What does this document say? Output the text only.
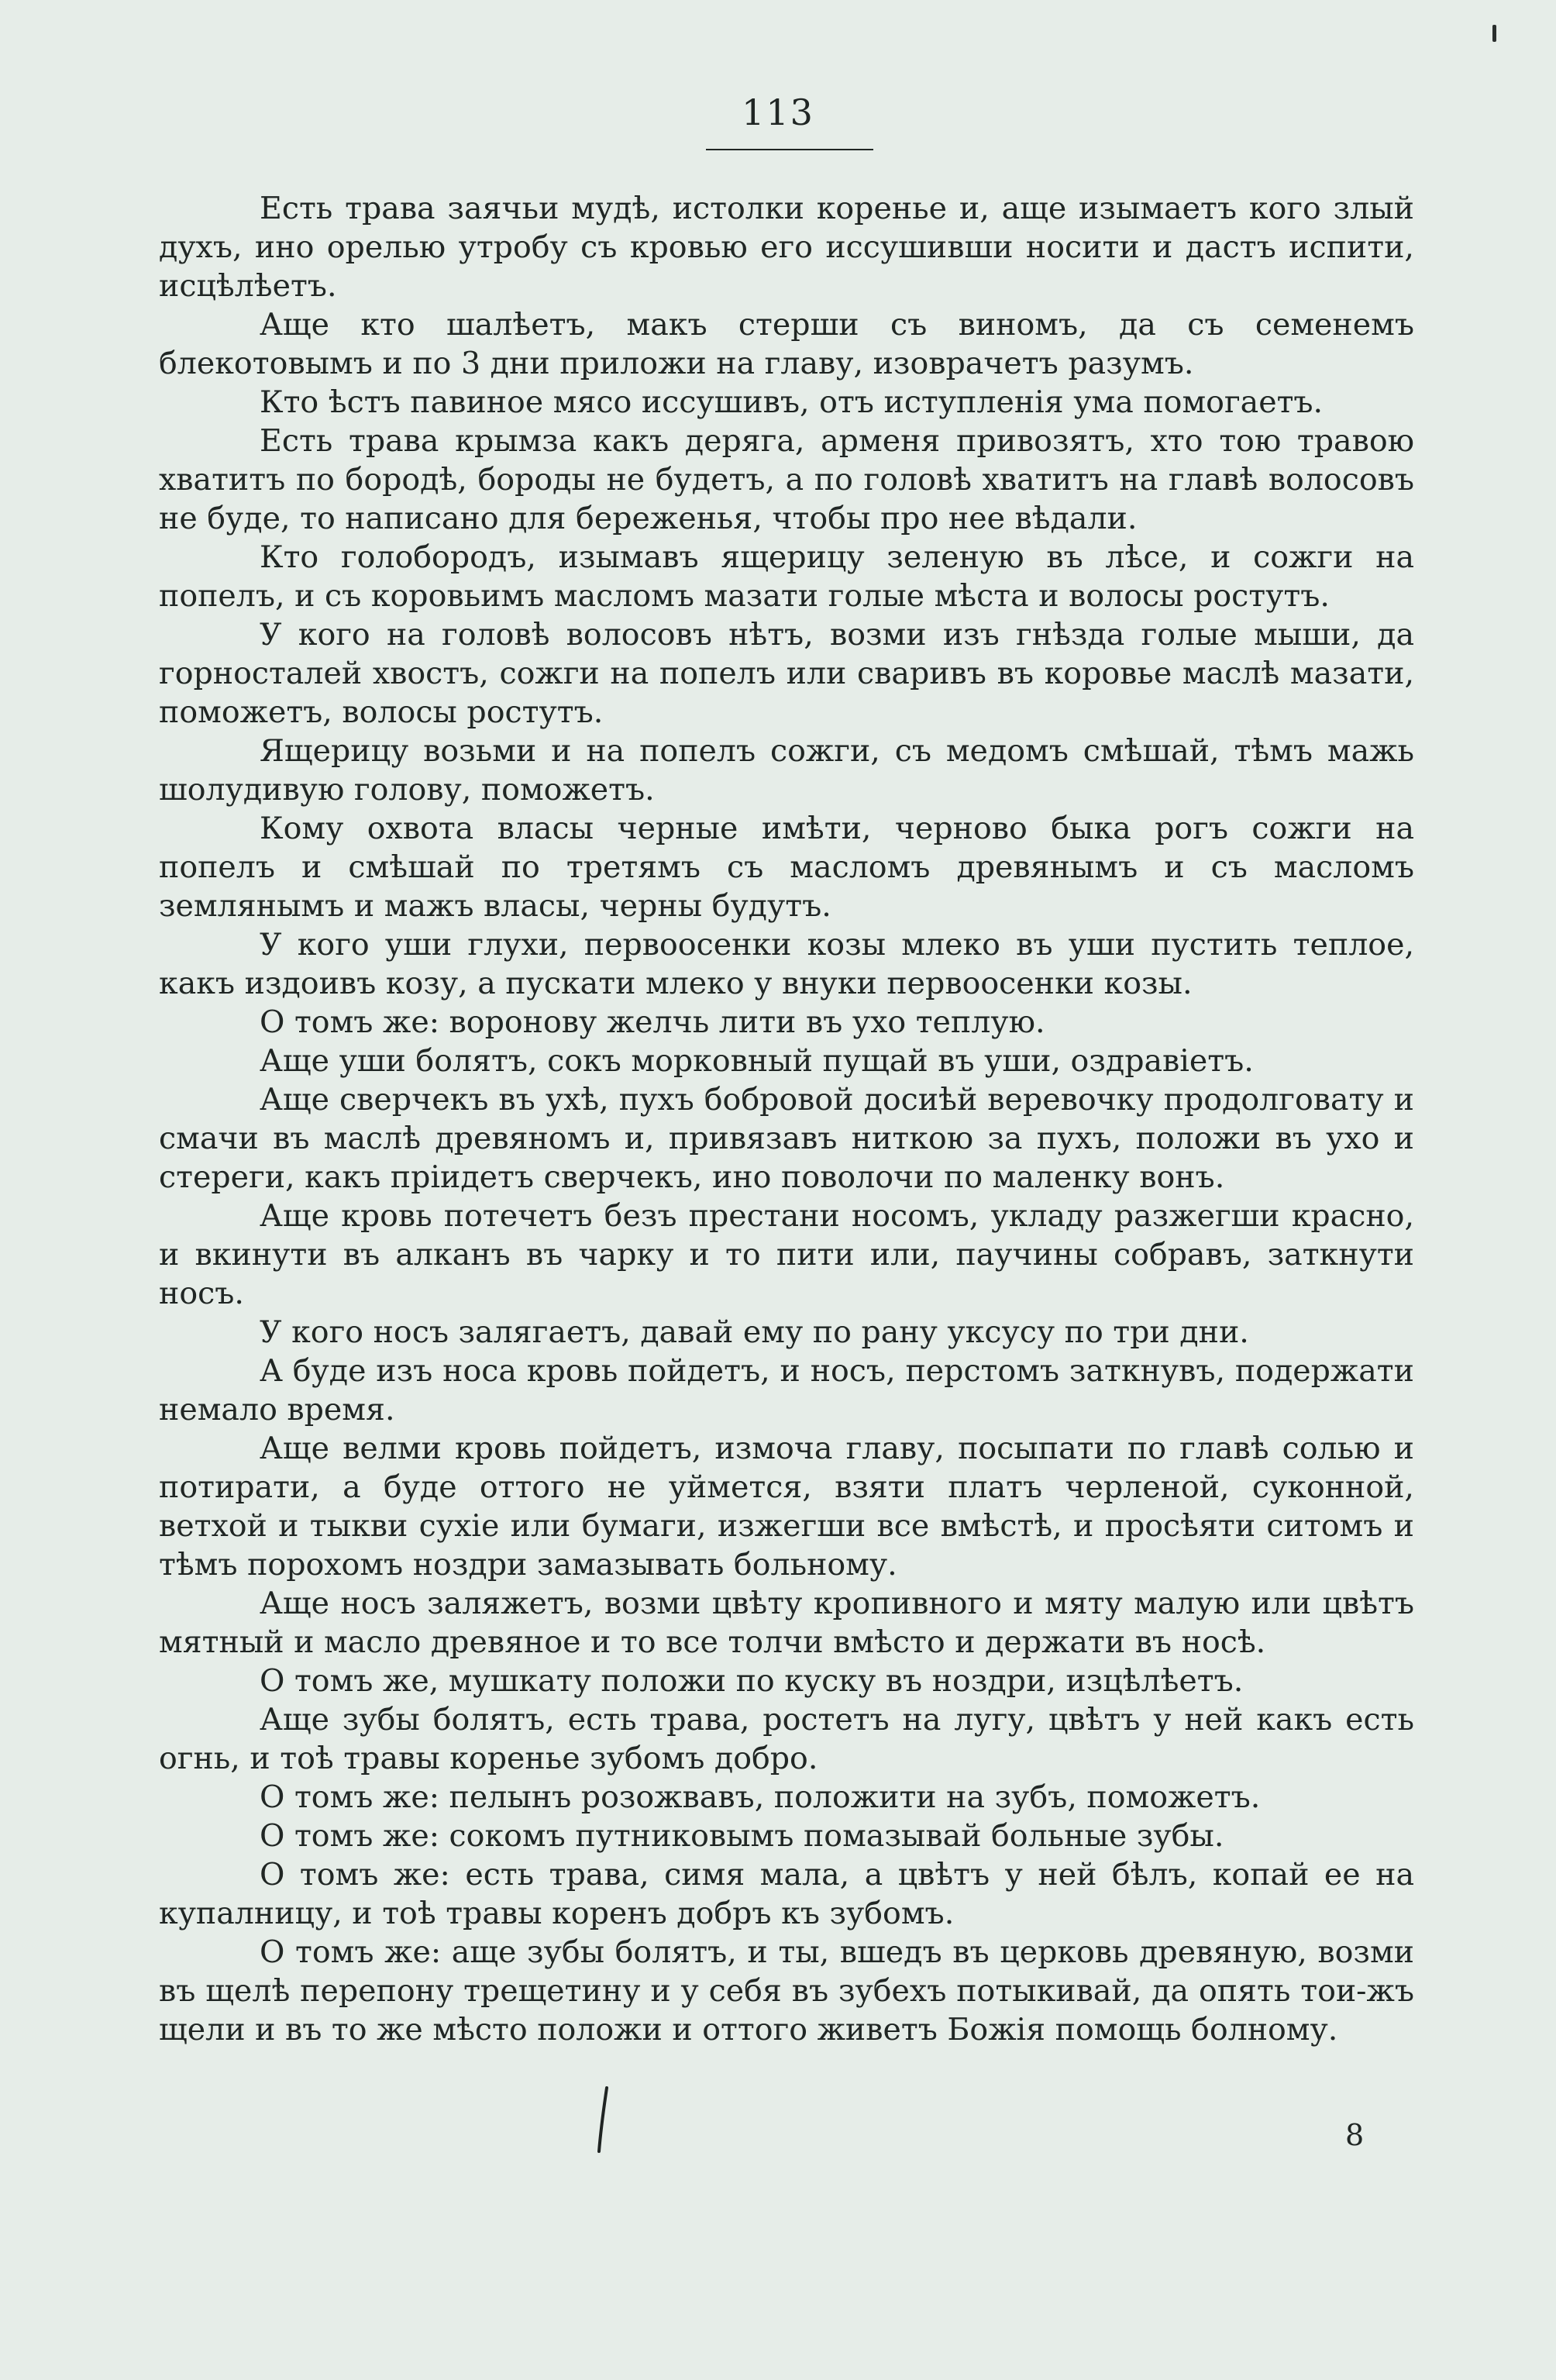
113

Есть трава заячьи мудѣ, истолки коренье и, аще изымаетъ кого злый духъ, ино орелью утробу съ кровью его иссушивши носити и дастъ испити, исцѣлѣетъ.

Аще кто шалѣетъ, макъ стерши съ виномъ, да съ семенемъ блекотовымъ и по 3 дни приложи на главу, изоврачетъ разумъ.

Кто ѣстъ павиное мясо иссушивъ, отъ иступленія ума помогаетъ.

Есть трава крымза какъ деряга, арменя привозятъ, хто тою травою хватитъ по бородѣ, бороды не будетъ, а по головѣ хватитъ на главѣ волосовъ не буде, то написано для береженья, чтобы про нее вѣдали.

Кто голобородъ, изымавъ ящерицу зеленую въ лѣсе, и сожги на попелъ, и съ коровьимъ масломъ мазати голые мѣста и волосы ростутъ.

У кого на головѣ волосовъ нѣтъ, возми изъ гнѣзда голые мыши, да горносталей хвостъ, сожги на попелъ или сваривъ въ коровье маслѣ мазати, поможетъ, волосы ростутъ.

Ящерицу возьми и на попелъ сожги, съ медомъ смѣшай, тѣмъ мажь шолудивую голову, поможетъ.

Кому охвота власы черные имѣти, черново быка рогъ сожги на попелъ и смѣшай по третямъ съ масломъ древянымъ и съ масломъ землянымъ и мажъ власы, черны будутъ.

У кого уши глухи, первоосенки козы млеко въ уши пустить теплое, какъ издоивъ козу, а пускати млеко у внуки первоосенки козы.

О томъ же: воронову желчь лити въ ухо теплую.

Аще уши болятъ, сокъ морковный пущай въ уши, оздравіетъ.

Аще сверчекъ въ ухѣ, пухъ бобровой досиѣй веревочку продолговату и смачи въ маслѣ древяномъ и, привязавъ ниткою за пухъ, положи въ ухо и стереги, какъ пріидетъ сверчекъ, ино поволочи по маленку вонъ.

Аще кровь потечетъ безъ престани носомъ, укладу разжегши красно, и вкинути въ алканъ въ чарку и то пити или, паучины собравъ, заткнути носъ.

У кого носъ залягаетъ, давай ему по рану уксусу по три дни.

А буде изъ носа кровь пойдетъ, и носъ, перстомъ заткнувъ, подержати немало время.

Аще велми кровь пойдетъ, измоча главу, посыпати по главѣ солью и потирати, а буде оттого не уймется, взяти платъ черленой, суконной, ветхой и тыкви сухіе или бумаги, изжегши все вмѣстѣ, и просѣяти ситомъ и тѣмъ порохомъ ноздри замазывать больному.

Аще носъ заляжетъ, возми цвѣту кропивного и мяту малую или цвѣтъ мятный и масло древяное и то все толчи вмѣсто и держати въ носѣ.

О томъ же, мушкату положи по куску въ ноздри, изцѣлѣетъ.

Аще зубы болятъ, есть трава, ростетъ на лугу, цвѣтъ у ней какъ есть огнь, и тоѣ травы коренье зубомъ добро.

О томъ же: пелынъ розожвавъ, положити на зубъ, поможетъ.

О томъ же: сокомъ путниковымъ помазывай больные зубы.

О томъ же: есть трава, симя мала, а цвѣтъ у ней бѣлъ, копай ее на купалницу, и тоѣ травы коренъ добръ къ зубомъ.

О томъ же: аще зубы болятъ, и ты, вшедъ въ церковь древяную, возми въ щелѣ перепону трещетину и у себя въ зубехъ потыкивай, да опять тои-жъ щели и въ то же мѣсто положи и оттого живетъ Божія помощь болному.

8
